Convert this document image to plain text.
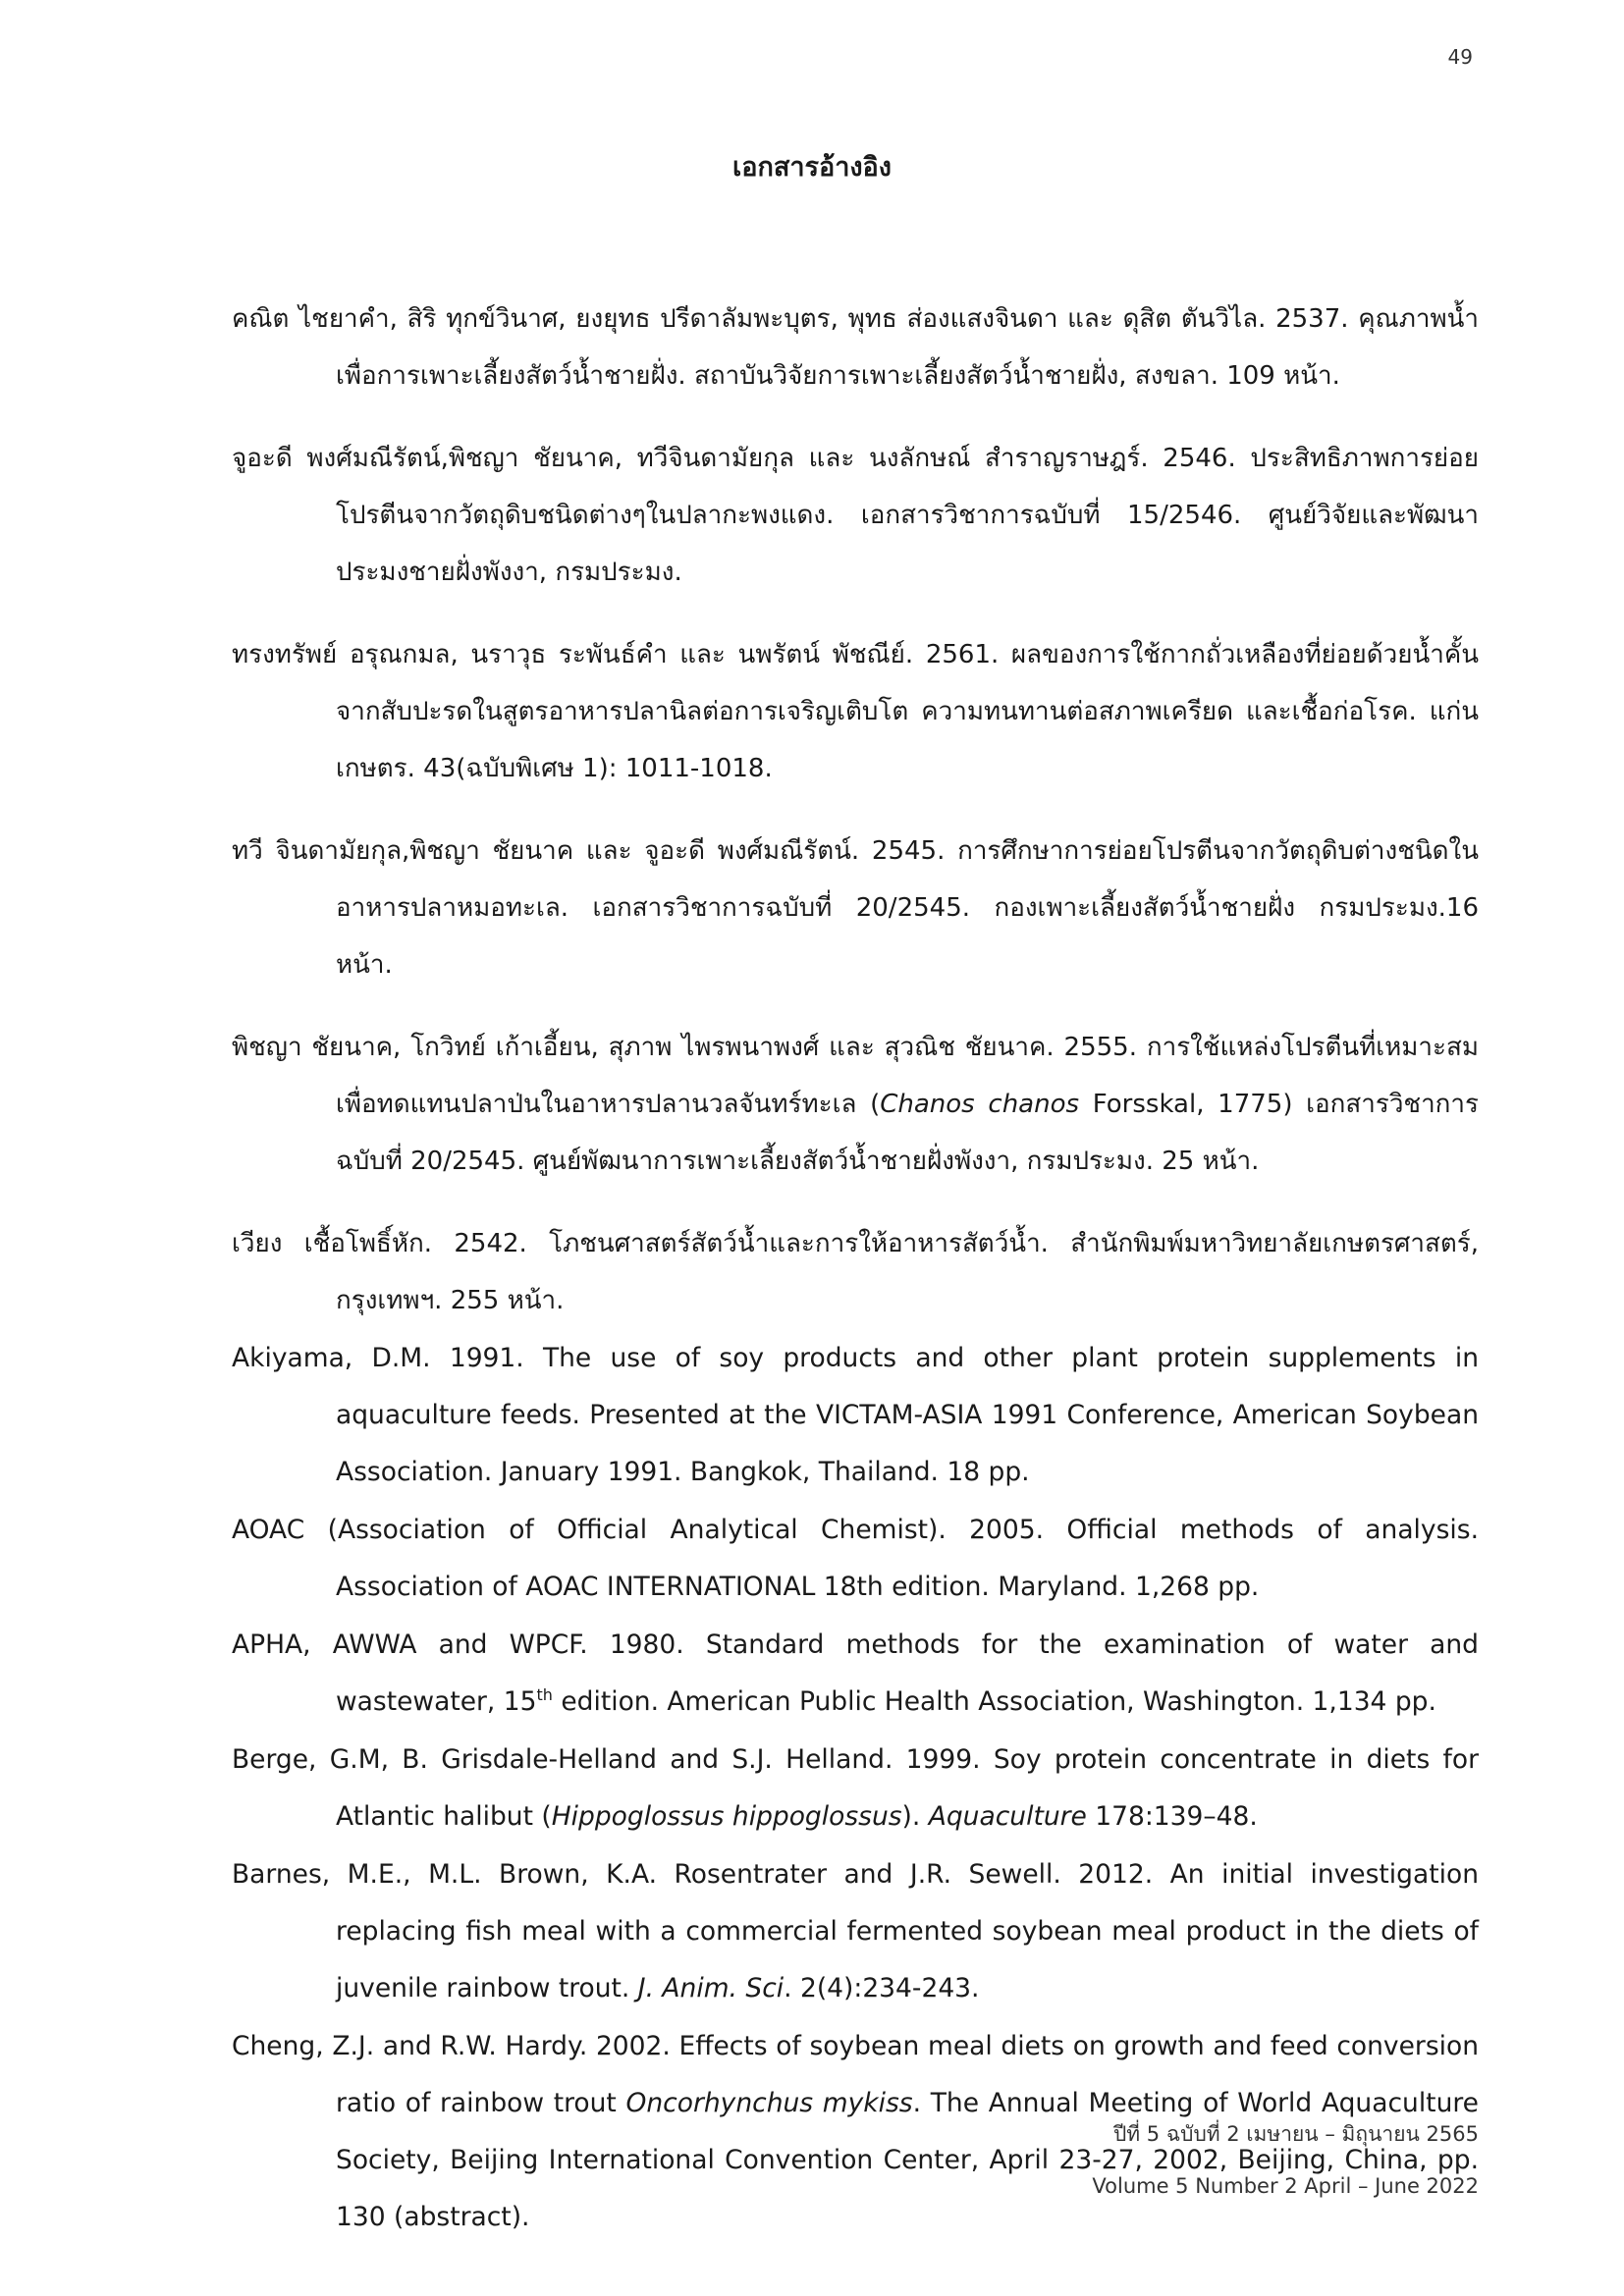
49
เอกสารอ้างอิง

คณิต ไชยาคำ, สิริ ทุกข์วินาศ, ยงยุทธ ปรีดาลัมพะบุตร, พุทธ ส่องแสงจินดา และ ดุสิต ตันวิไล. 2537. คุณภาพน้ำเพื่อการเพาะเลี้ยงสัตว์น้ำชายฝั่ง. สถาบันวิจัยการเพาะเลี้ยงสัตว์น้ำชายฝั่ง, สงขลา. 109 หน้า.

จูอะดี พงศ์มณีรัตน์,พิชญา ชัยนาค, ทวีจินดามัยกุล และ นงลักษณ์ สำราญราษฎร์. 2546. ประสิทธิภาพการย่อยโปรตีนจากวัตถุดิบชนิดต่างๆในปลากะพงแดง. เอกสารวิชาการฉบับที่ 15/2546. ศูนย์วิจัยและพัฒนาประมงชายฝั่งพังงา, กรมประมง.

ทรงทรัพย์ อรุณกมล, นราวุธ ระพันธ์คำ และ นพรัตน์ พัชณีย์. 2561. ผลของการใช้กากถั่วเหลืองที่ย่อยด้วยน้ำคั้นจากสับปะรดในสูตรอาหารปลานิลต่อการเจริญเติบโต ความทนทานต่อสภาพเครียด และเชื้อก่อโรค. แก่นเกษตร. 43(ฉบับพิเศษ 1): 1011-1018.

ทวี จินดามัยกุล,พิชญา ชัยนาค และ จูอะดี พงศ์มณีรัตน์. 2545. การศึกษาการย่อยโปรตีนจากวัตถุดิบต่างชนิดในอาหารปลาหมอทะเล. เอกสารวิชาการฉบับที่ 20/2545. กองเพาะเลี้ยงสัตว์น้ำชายฝั่ง กรมประมง.16 หน้า.

พิชญา ชัยนาค, โกวิทย์ เก้าเอี้ยน, สุภาพ ไพรพนาพงศ์ และ สุวณิช ชัยนาค. 2555. การใช้แหล่งโปรตีนที่เหมาะสมเพื่อทดแทนปลาป่นในอาหารปลานวลจันทร์ทะเล (Chanos chanos Forsskal, 1775) เอกสารวิชาการฉบับที่ 20/2545. ศูนย์พัฒนาการเพาะเลี้ยงสัตว์น้ำชายฝั่งพังงา, กรมประมง. 25 หน้า.

เวียง เชื้อโพธิ์หัก. 2542. โภชนศาสตร์สัตว์น้ำและการให้อาหารสัตว์น้ำ. สำนักพิมพ์มหาวิทยาลัยเกษตรศาสตร์, กรุงเทพฯ. 255 หน้า.

Akiyama, D.M. 1991. The use of soy products and other plant protein supplements in aquaculture feeds. Presented at the VICTAM-ASIA 1991 Conference, American Soybean Association. January 1991. Bangkok, Thailand. 18 pp.

AOAC (Association of Official Analytical Chemist). 2005. Official methods of analysis. Association of AOAC INTERNATIONAL 18th edition. Maryland. 1,268 pp.

APHA, AWWA and WPCF. 1980. Standard methods for the examination of water and wastewater, 15th edition. American Public Health Association, Washington. 1,134 pp.

Berge, G.M, B. Grisdale-Helland and S.J. Helland. 1999. Soy protein concentrate in diets for Atlantic halibut (Hippoglossus hippoglossus). Aquaculture 178:139–48.

Barnes, M.E., M.L. Brown, K.A. Rosentrater and J.R. Sewell. 2012. An initial investigation replacing fish meal with a commercial fermented soybean meal product in the diets of juvenile rainbow trout. J. Anim. Sci. 2(4):234-243.

Cheng, Z.J. and R.W. Hardy. 2002. Effects of soybean meal diets on growth and feed conversion ratio of rainbow trout Oncorhynchus mykiss. The Annual Meeting of World Aquaculture Society, Beijing International Convention Center, April 23-27, 2002, Beijing, China, pp. 130 (abstract).

ปีที่ 5 ฉบับที่ 2 เมษายน – มิถุนายน 2565
Volume 5 Number 2 April – June 2022
